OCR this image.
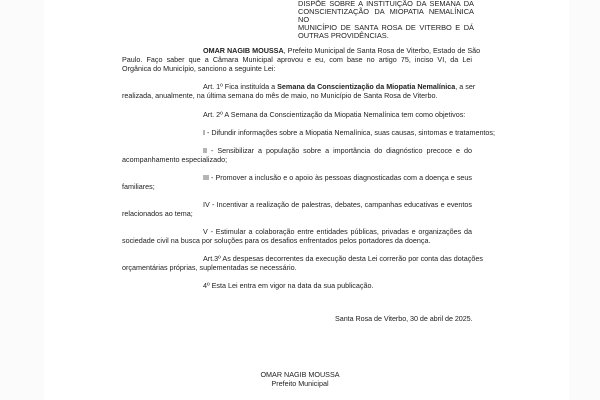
DISPÕE SOBRE A INSTITUIÇÃO DA SEMANA DA
CONSCIENTIZAÇÃO DA MIOPATIA NEMALÍNICA NO
MUNICÍPIO DE SANTA ROSA DE VITERBO E DÁ
OUTRAS PROVIDÊNCIAS.
OMAR NAGIB MOUSSA, Prefeito Municipal de Santa Rosa de Viterbo, Estado de São
Paulo. Faço saber que a Câmara Municipal aprovou e eu, com base no artigo 75, inciso VI, da Lei
Orgânica do Município, sanciono a seguinte Lei:
Art. 1º Fica instituída a Semana da Conscientização da Miopatia Nemalínica, a ser
realizada, anualmente, na última semana do mês de maio, no Município de Santa Rosa de Viterbo.
Art. 2º A Semana da Conscientização da Miopatia Nemalínica tem como objetivos:
I - Difundir informações sobre a Miopatia Nemalínica, suas causas, sintomas e tratamentos;
II - Sensibilizar a população sobre a importância do diagnóstico precoce e do
acompanhamento especializado;
III - Promover a inclusão e o apoio às pessoas diagnosticadas com a doença e seus
familiares;
IV - Incentivar a realização de palestras, debates, campanhas educativas e eventos
relacionados ao tema;
V - Estimular a colaboração entre entidades públicas, privadas e organizações da
sociedade civil na busca por soluções para os desafios enfrentados pelos portadores da doença.
Art.3º As despesas decorrentes da execução desta Lei correrão por conta das dotações
orçamentárias próprias, suplementadas se necessário.
4º Esta Lei entra em vigor na data da sua publicação.
Santa Rosa de Viterbo, 30 de abril de 2025.
OMAR NAGIB MOUSSA
Prefeito Municipal
